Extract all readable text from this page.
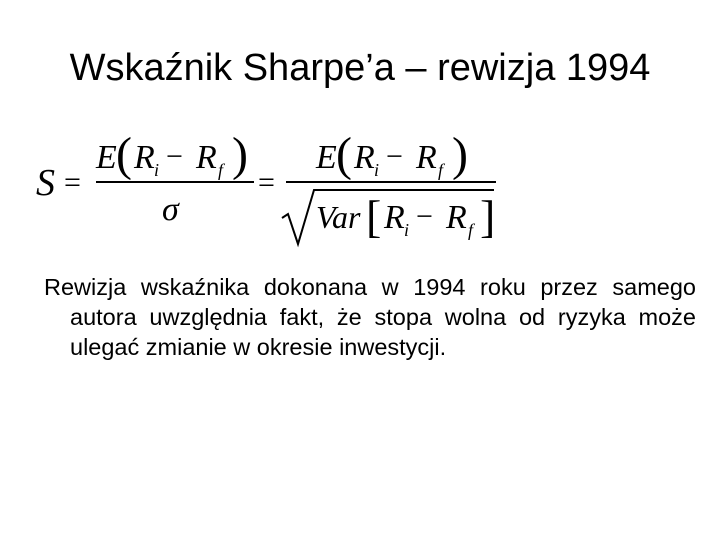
Wskaźnik Sharpe’a – rewizja 1994
S =
E ( R i − R f )
σ
=
E ( R i − R f )
Var [ R i − R f ]
Rewizja wskaźnika dokonana w 1994 roku przez samego autora uwzględnia fakt, że stopa wolna od ryzyka może ulegać zmianie w okresie inwestycji.
